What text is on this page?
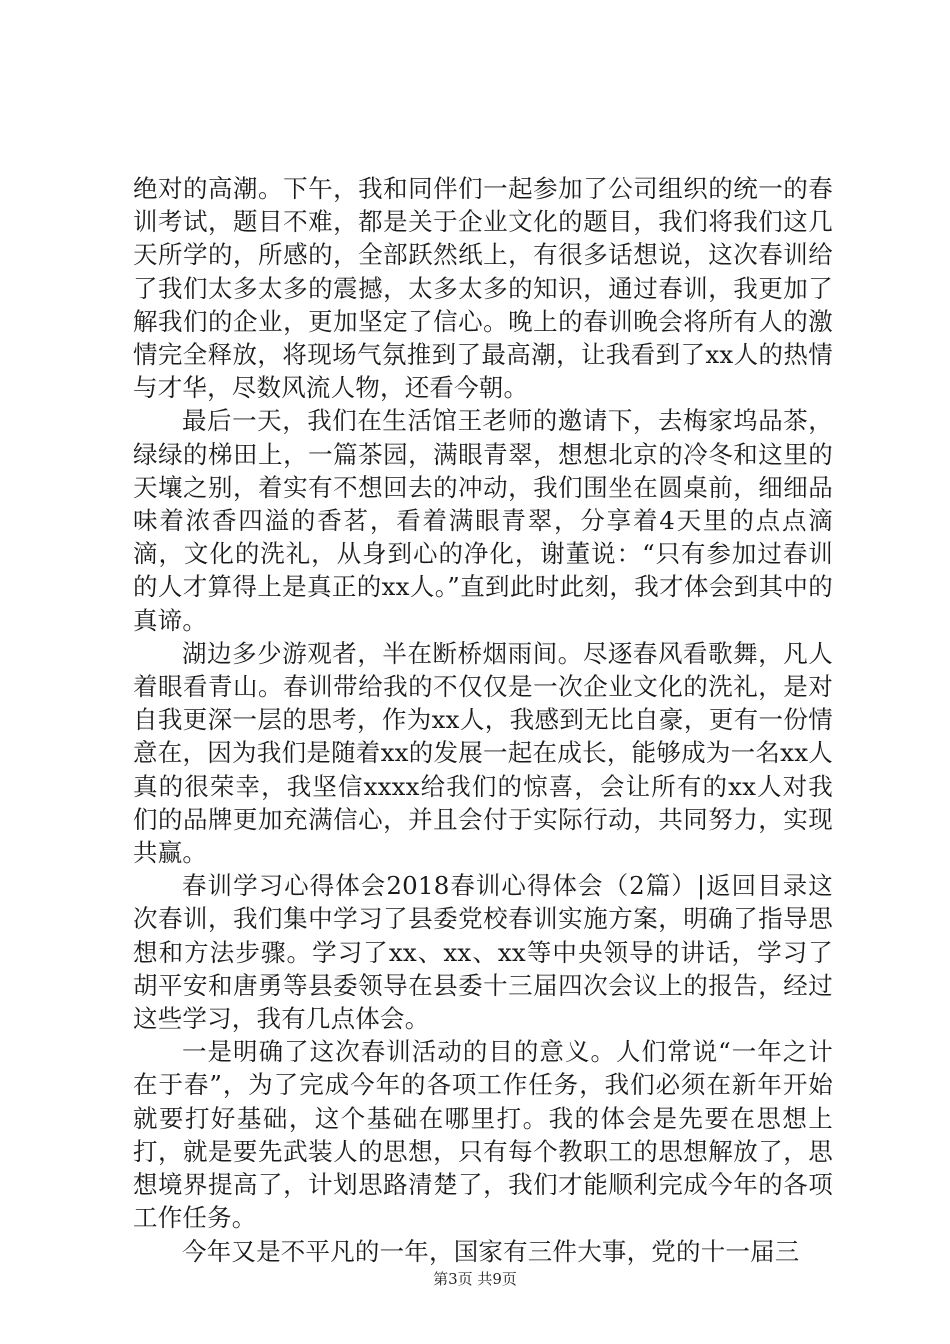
绝对的高潮。下午，我和同伴们一起参加了公司组织的统一的春训考试，题目不难，都是关于企业文化的题目，我们将我们这几天所学的，所感的，全部跃然纸上，有很多话想说，这次春训给了我们太多太多的震撼，太多太多的知识，通过春训，我更加了解我们的企业，更加坚定了信心。晚上的春训晚会将所有人的激情完全释放，将现场气氛推到了最高潮，让我看到了xx人的热情与才华，尽数风流人物，还看今朝。

最后一天，我们在生活馆王老师的邀请下，去梅家坞品茶，绿绿的梯田上，一篇茶园，满眼青翠，想想北京的冷冬和这里的天壤之别，着实有不想回去的冲动，我们围坐在圆桌前，细细品味着浓香四溢的香茗，看着满眼青翠，分享着4天里的点点滴滴，文化的洗礼，从身到心的净化，谢董说：“只有参加过春训的人才算得上是真正的xx人。”直到此时此刻，我才体会到其中的真谛。

湖边多少游观者，半在断桥烟雨间。尽逐春风看歌舞，凡人着眼看青山。春训带给我的不仅仅是一次企业文化的洗礼，是对自我更深一层的思考，作为xx人，我感到无比自豪，更有一份情意在，因为我们是随着xx的发展一起在成长，能够成为一名xx人真的很荣幸，我坚信xxxx给我们的惊喜，会让所有的xx人对我们的品牌更加充满信心，并且会付于实际行动，共同努力，实现共赢。

春训学习心得体会2018春训心得体会（2篇）|返回目录这次春训，我们集中学习了县委党校春训实施方案，明确了指导思想和方法步骤。学习了xx、xx、xx等中央领导的讲话，学习了胡平安和唐勇等县委领导在县委十三届四次会议上的报告，经过这些学习，我有几点体会。

一是明确了这次春训活动的目的意义。人们常说“一年之计在于春”，为了完成今年的各项工作任务，我们必须在新年开始就要打好基础，这个基础在哪里打。我的体会是先要在思想上打，就是要先武装人的思想，只有每个教职工的思想解放了，思想境界提高了，计划思路清楚了，我们才能顺利完成今年的各项工作任务。

今年又是不平凡的一年，国家有三件大事，党的十一届三

第3页 共9页
